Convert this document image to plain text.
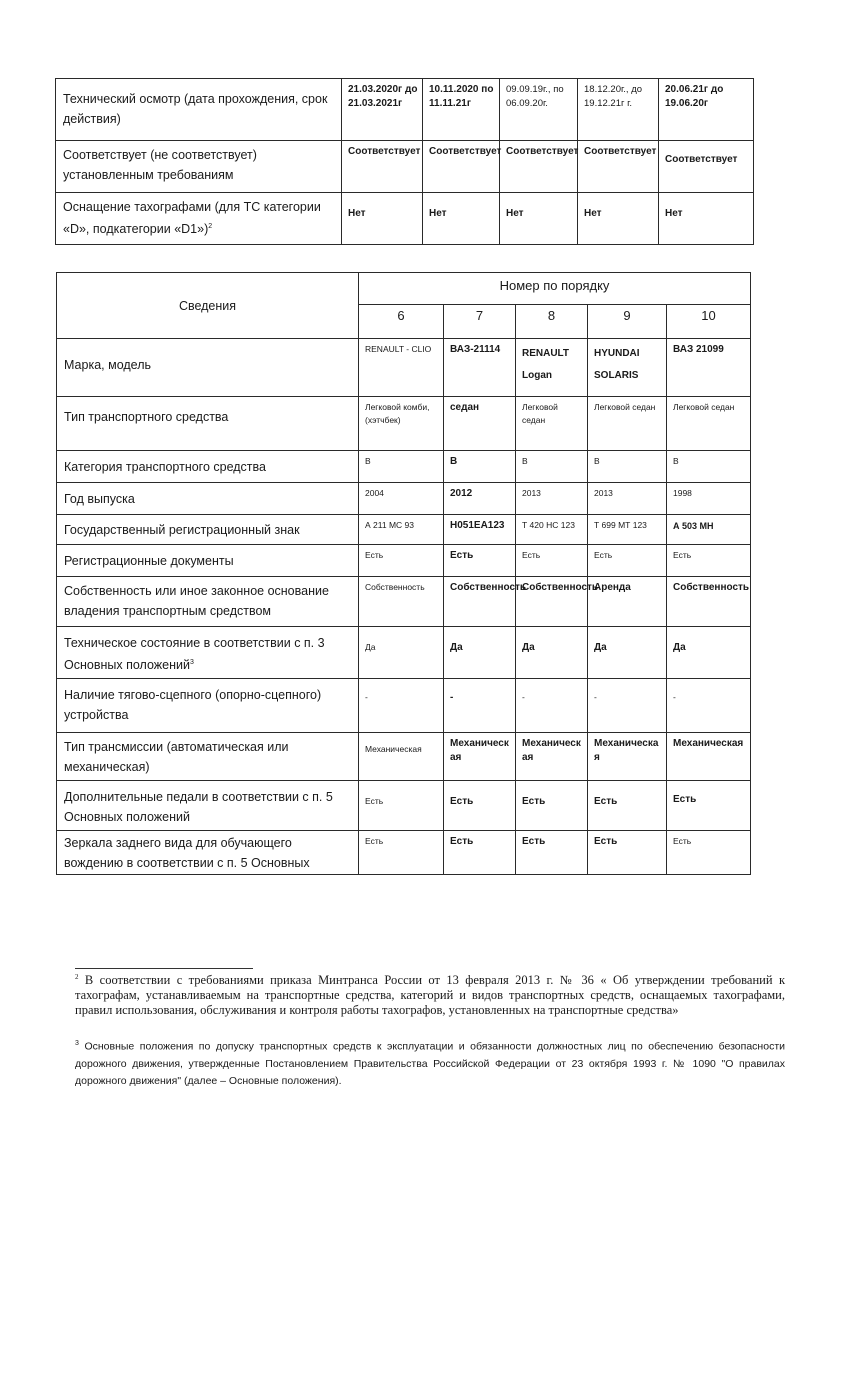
Технический осмотр (дата прохождения, срок действия)	21.03.2020г до 21.03.2021г	10.11.2020 по 11.11.21г	09.09.19г., по 06.09.20г.	18.12.20г., до 19.12.21г г.	20.06.21г до 19.06.20г
Соответствует (не соответствует) установленным требованиям	Соответствует	Соответствует	Соответствует	Соответствует	Соответствует
Оснащение тахографами (для ТС категории «D», подкатегории «D1»)$^2$	Нет	Нет	Нет	Нет	Нет
Сведения	Номер по порядку				
	6	7	8	9	10
Марка, модель	RENAULT - CLIO	ВАЗ-21114	RENAULT Logan	HYUNDAI SOLARIS	ВАЗ 21099
Тип транспортного средства	Легковой комби, (хэтчбек)	седан	Легковой седан	Легковой седан	Легковой седан
Категория транспортного средства	В	В	В	В	В
Год выпуска	2004	2012	2013	2013	1998
Государственный регистрационный знак	А 211 МС 93	Н051ЕА123	Т 420 НС 123	Т 699 МТ 123	А 503 МН
Регистрационные документы	Есть	Есть	Есть	Есть	Есть
Собственность или иное законное основание владения транспортным средством	Собственность	Собственность	Собственность	Аренда	Собственность
Техническое состояние в соответствии с п. 3 Основных положений$^3$	Да	Да	Да	Да	Да
Наличие тягово-сцепного (опорно-сцепного) устройства	-	-	-	-	-
Тип трансмиссии (автоматическая или механическая)	Механическая	Механическая	Механическая	Механическая	Механическая
Дополнительные педали в соответствии с п. 5 Основных положений	Есть	Есть	Есть	Есть	Есть
Зеркала заднего вида для обучающего вождению в соответствии с п. 5 Основных	Есть	Есть	Есть	Есть	Есть
$^2$ В соответствии с требованиями приказа Минтранса России от 13 февраля 2013 г. № 36 « Об утверждении требований к тахографам, устанавливаемым на транспортные средства, категорий и видов транспортных средств, оснащаемых тахографами, правил использования, обслуживания и контроля работы тахографов, установленных на транспортные средства»
$^3$ Основные положения по допуску транспортных средств к эксплуатации и обязанности должностных лиц по обеспечению безопасности дорожного движения, утвержденные Постановлением Правительства Российской Федерации от 23 октября 1993 г. № 1090 "О правилах дорожного движения" (далее – Основные положения).
